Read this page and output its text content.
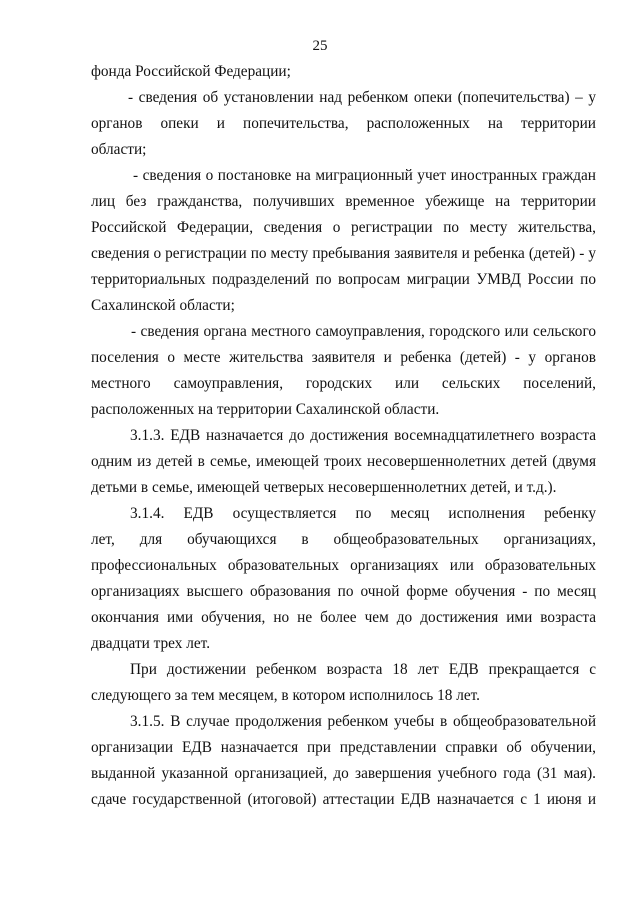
25
фонда Российской Федерации;
- сведения об установлении над ребенком опеки (попечительства) – у
органов опеки и попечительства, расположенных на территории
области;
- сведения о постановке на миграционный учет иностранных граждан
лиц без гражданства, получивших временное убежище на территории
Российской Федерации, сведения о регистрации по месту жительства,
сведения о регистрации по месту пребывания заявителя и ребенка (детей) - у
территориальных подразделений по вопросам миграции УМВД России по
Сахалинской области;
- сведения органа местного самоуправления, городского или сельского
поселения о месте жительства заявителя и ребенка (детей) - у органов
местного самоуправления, городских или сельских поселений,
расположенных на территории Сахалинской области.
3.1.3. ЕДВ назначается до достижения восемнадцатилетнего возраста
одним из детей в семье, имеющей троих несовершеннолетних детей (двумя
детьми в семье, имеющей четверых несовершеннолетних детей, и т.д.).
3.1.4. ЕДВ осуществляется по месяц исполнения ребенку
лет, для обучающихся в общеобразовательных организациях,
профессиональных образовательных организациях или образовательных
организациях высшего образования по очной форме обучения - по месяц
окончания ими обучения, но не более чем до достижения ими возраста
двадцати трех лет.
При достижении ребенком возраста 18 лет ЕДВ прекращается с
следующего за тем месяцем, в котором исполнилось 18 лет.
3.1.5. В случае продолжения ребенком учебы в общеобразовательной
организации ЕДВ назначается при представлении справки об обучении,
выданной указанной организацией, до завершения учебного года (31 мая).
сдаче государственной (итоговой) аттестации ЕДВ назначается с 1 июня и
